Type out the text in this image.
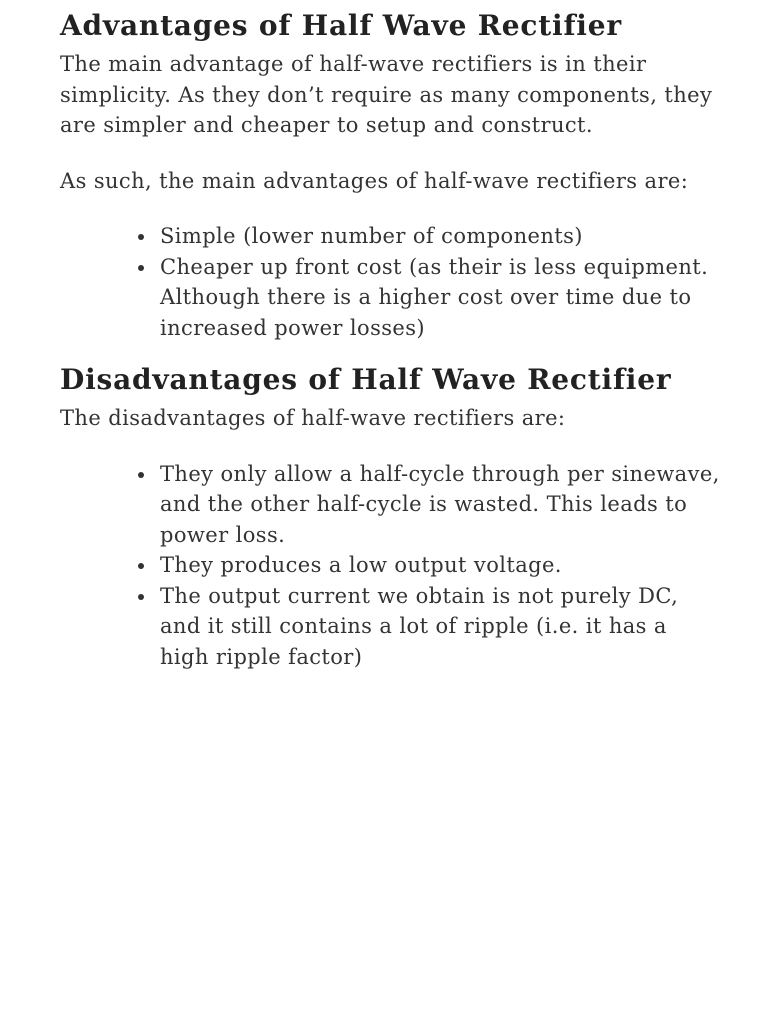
Advantages of Half Wave Rectifier

The main advantage of half-wave rectifiers is in their simplicity. As they don’t require as many components, they are simpler and cheaper to setup and construct.

As such, the main advantages of half-wave rectifiers are:

Simple (lower number of components)
Cheaper up front cost (as their is less equipment. Although there is a higher cost over time due to increased power losses)
Disadvantages of Half Wave Rectifier

The disadvantages of half-wave rectifiers are:

They only allow a half-cycle through per sinewave, and the other half-cycle is wasted. This leads to power loss.
They produces a low output voltage.
The output current we obtain is not purely DC, and it still contains a lot of ripple (i.e. it has a high ripple factor)
